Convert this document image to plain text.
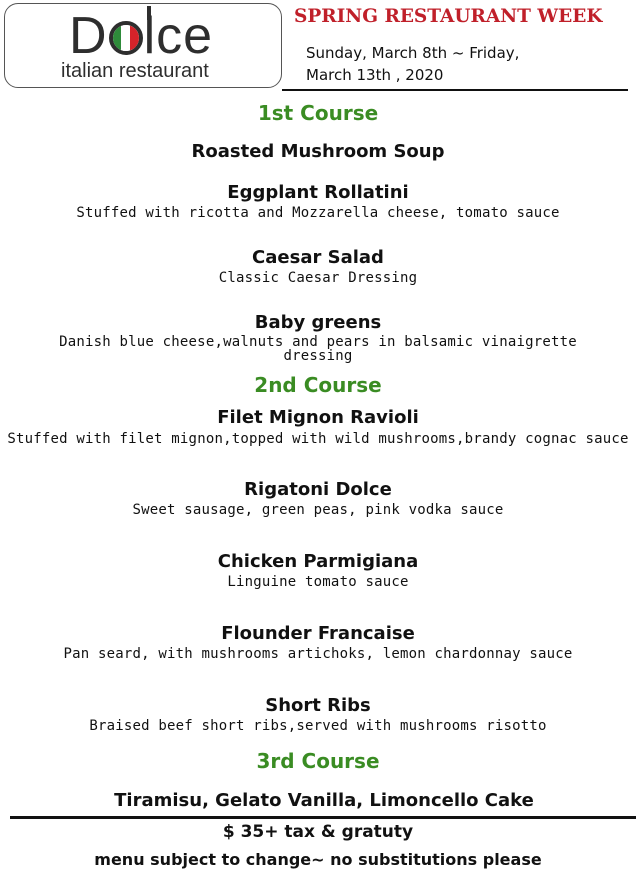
D lce
italian restaurant
SPRING RESTAURANT WEEK
Sunday, March 8th ~ Friday,
March 13th , 2020
1st Course
Roasted Mushroom Soup
Eggplant Rollatini
Stuffed with ricotta and Mozzarella cheese, tomato sauce
Caesar Salad
Classic Caesar Dressing
Baby greens
Danish blue cheese,walnuts and pears in balsamic vinaigrette dressing
2nd Course
Filet Mignon Ravioli
Stuffed with filet mignon,topped with wild mushrooms,brandy cognac sauce
Rigatoni Dolce
Sweet sausage, green peas, pink vodka sauce
Chicken Parmigiana
Linguine tomato sauce
Flounder Francaise
Pan seard, with mushrooms artichoks, lemon chardonnay sauce
Short Ribs
Braised beef short ribs,served with mushrooms risotto
3rd Course
Tiramisu, Gelato Vanilla, Limoncello Cake
$ 35+ tax & gratuty
menu subject to change~ no substitutions please
